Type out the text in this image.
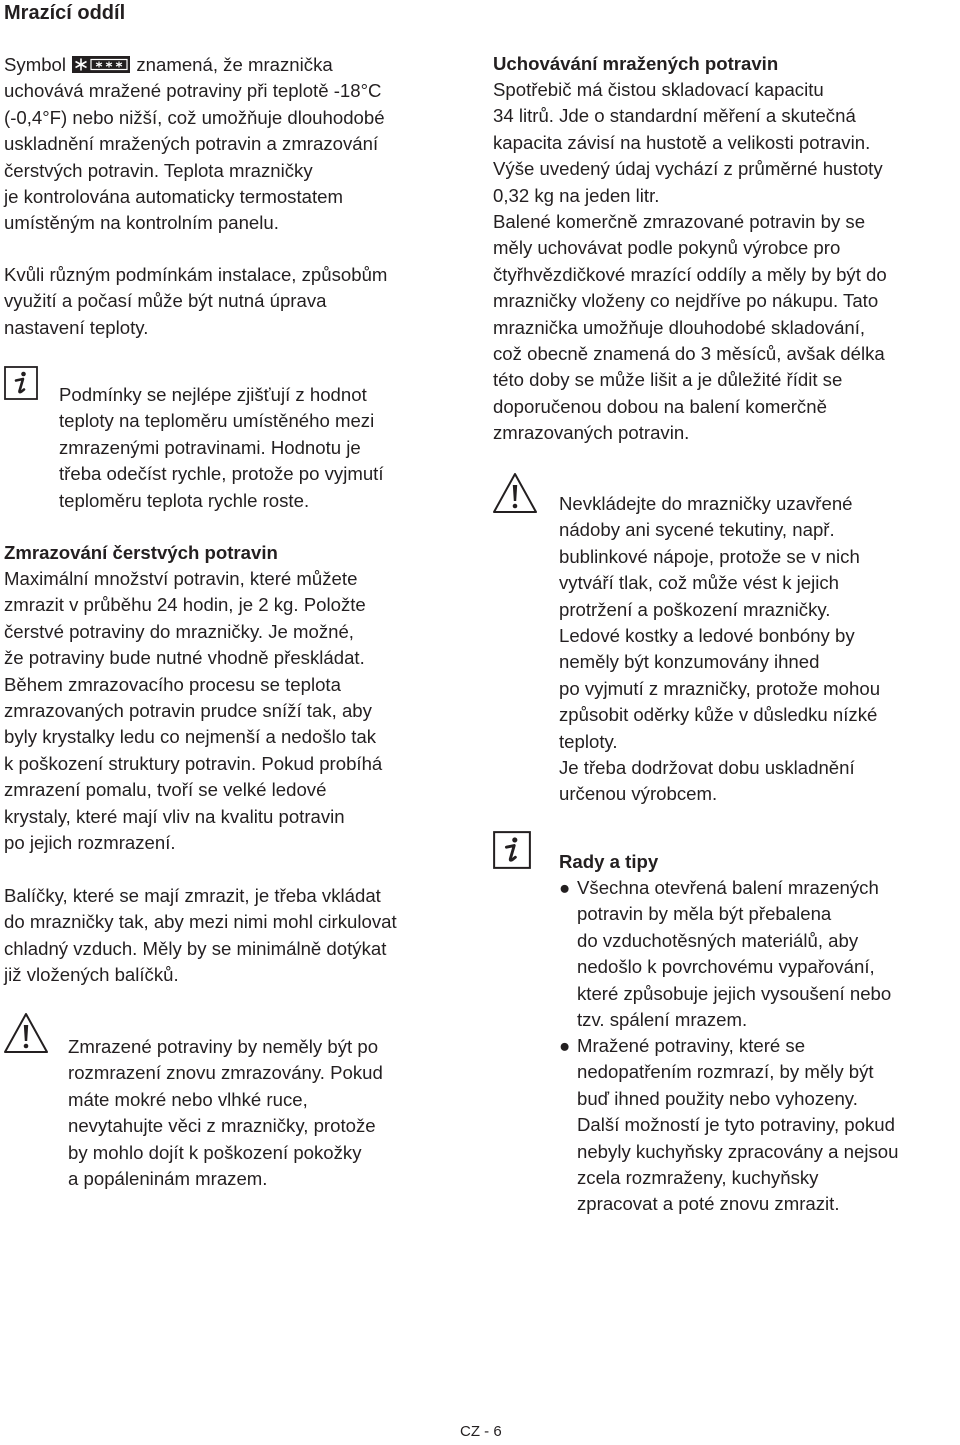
Mrazící oddíl
Symbol	znamená, že mraznička
uchovává mražené potraviny při teplotě -18°C
(-0,4°F) nebo nižší, což umožňuje dlouhodobé
uskladnění mražených potravin a zmrazování
čerstvých potravin. Teplota mrazničky
je kontrolována automaticky termostatem
umístěným na kontrolním panelu.
Kvůli různým podmínkám instalace, způsobům
využití a počasí může být nutná úprava
nastavení teploty.
Podmínky se nejlépe zjišťují z hodnot
teploty na teploměru umístěného mezi
zmrazenými potravinami. Hodnotu je
třeba odečíst rychle, protože po vyjmutí
teploměru teplota rychle roste.
Zmrazování čerstvých potravin
Maximální množství potravin, které můžete
zmrazit v průběhu 24 hodin, je 2 kg. Položte
čerstvé potraviny do mrazničky. Je možné,
že potraviny bude nutné vhodně přeskládat.
Během zmrazovacího procesu se teplota
zmrazovaných potravin prudce sníží tak, aby
byly krystalky ledu co nejmenší a nedošlo tak
k poškození struktury potravin. Pokud probíhá
zmrazení pomalu, tvoří se velké ledové
krystaly, které mají vliv na kvalitu potravin
po jejich rozmrazení.
Balíčky, které se mají zmrazit, je třeba vkládat
do mrazničky tak, aby mezi nimi mohl cirkulovat
chladný vzduch. Měly by se minimálně dotýkat
již vložených balíčků.
Zmrazené potraviny by neměly být po
rozmrazení znovu zmrazovány. Pokud
máte mokré nebo vlhké ruce,
nevytahujte věci z mrazničky, protože
by mohlo dojít k poškození pokožky
a popáleninám mrazem.
Uchovávání mražených potravin
Spotřebič má čistou skladovací kapacitu
34 litrů. Jde o standardní měření a skutečná
kapacita závisí na hustotě a velikosti potravin.
Výše uvedený údaj vychází z průměrné hustoty
0,32 kg na jeden litr.
Balené komerčně zmrazované potravin by se
měly uchovávat podle pokynů výrobce pro
čtyřhvězdičkové mrazící oddíly a měly by být do
mrazničky vloženy co nejdříve po nákupu. Tato
mraznička umožňuje dlouhodobé skladování,
což obecně znamená do 3 měsíců, avšak délka
této doby se může lišit a je důležité řídit se
doporučenou dobou na balení komerčně
zmrazovaných potravin.
Nevkládejte do mrazničky uzavřené
nádoby ani sycené tekutiny, např.
bublinkové nápoje, protože se v nich
vytváří tlak, což může vést k jejich
protržení a poškození mrazničky.
Ledové kostky a ledové bonbóny by
neměly být konzumovány ihned
po vyjmutí z mrazničky, protože mohou
způsobit oděrky kůže v důsledku nízké
teploty.
Je třeba dodržovat dobu uskladnění
určenou výrobcem.
Rady a tipy
● Všechna otevřená balení mrazených
potravin by měla být přebalena
do vzduchotěsných materiálů, aby
nedošlo k povrchovému vypařování,
které způsobuje jejich vysoušení nebo
tzv. spálení mrazem.
● Mražené potraviny, které se
nedopatřením rozmrazí, by měly být
buď ihned použity nebo vyhozeny.
Další možností je tyto potraviny, pokud
nebyly kuchyňsky zpracovány a nejsou
zcela rozmraženy, kuchyňsky
zpracovat a poté znovu zmrazit.
CZ - 6
